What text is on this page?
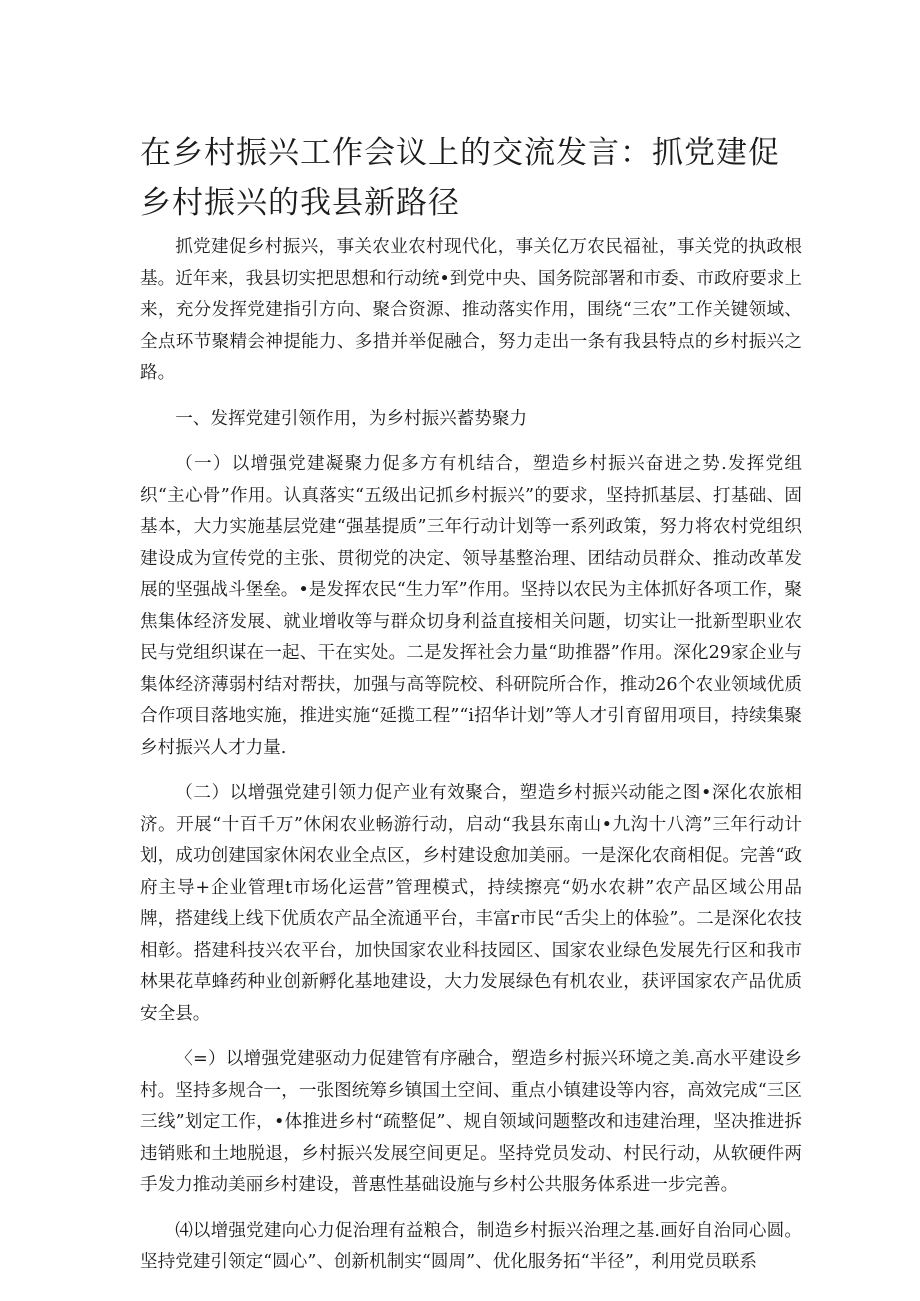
在乡村振兴工作会议上的交流发言：抓党建促乡村振兴的我县新路径

抓党建促乡村振兴，事关农业农村现代化，事关亿万农民福祉，事关党的执政根基。近年来，我县切实把思想和行动统•到党中央、国务院部署和市委、市政府要求上来，充分发挥党建指引方向、聚合资源、推动落实作用，围绕“三农”工作关键领域、全点环节聚精会神提能力、多措并举促融合，努力走出一条有我县特点的乡村振兴之路。

一、发挥党建引领作用，为乡村振兴蓄势聚力

（一）以增强党建凝聚力促多方有机结合，塑造乡村振兴奋进之势.发挥党组织“主心骨”作用。认真落实“五级出记抓乡村振兴”的要求，坚持抓基层、打基础、固基本，大力实施基层党建“强基提质”三年行动计划等一系列政策，努力将农村党组织建设成为宣传党的主张、贯彻党的决定、领导基整治理、团结动员群众、推动改革发展的坚强战斗堡垒。•是发挥农民“生力军”作用。坚持以农民为主体抓好各项工作，聚焦集体经济发展、就业增收等与群众切身利益直接相关问题，切实让一批新型职业农民与党组织谋在一起、干在实处。二是发挥社会力量“助推器”作用。深化29家企业与集体经济薄弱村结对帮扶，加强与高等院校、科研院所合作，推动26个农业领域优质合作项目落地实施，推进实施“延揽工程”“i招华计划”等人才引育留用项目，持续集聚乡村振兴人才力量.

（二）以增强党建引领力促产业有效聚合，塑造乡村振兴动能之图•深化农旅相济。开展“十百千万”休闲农业畅游行动，启动“我县东南山•九沟十八湾”三年行动计划，成功创建国家休闲农业全点区，乡村建设愈加美丽。一是深化农商相促。完善“政府主导+企业管理t市场化运营”管理模式，持续擦亮“奶水农耕”农产品区域公用品牌，搭建线上线下优质农产品全流通平台，丰富r市民“舌尖上的体验”。二是深化农技相彰。搭建科技兴农平台，加快国家农业科技园区、国家农业绿色发展先行区和我市林果花草蜂药种业创新孵化基地建设，大力发展绿色有机农业，获评国家农产品优质安全县。

〈=）以增强党建驱动力促建管有序融合，塑造乡村振兴环境之美.高水平建设乡村。坚持多规合一，一张图统筹乡镇国土空间、重点小镇建设等内容，高效完成“三区三线”划定工作，•体推进乡村“疏整促”、规自领域问题整改和违建治理，坚决推进拆违销账和土地脱退，乡村振兴发展空间更足。坚持党员发动、村民行动，从软硬件两手发力推动美丽乡村建设，普惠性基础设施与乡村公共服务体系进一步完善。

⑷以增强党建向心力促治理有益粮合，制造乡村振兴治理之基.画好自治同心圆。坚持党建引领定“圆心”、创新机制实“圆周”、优化服务拓“半径”，利用党员联系
